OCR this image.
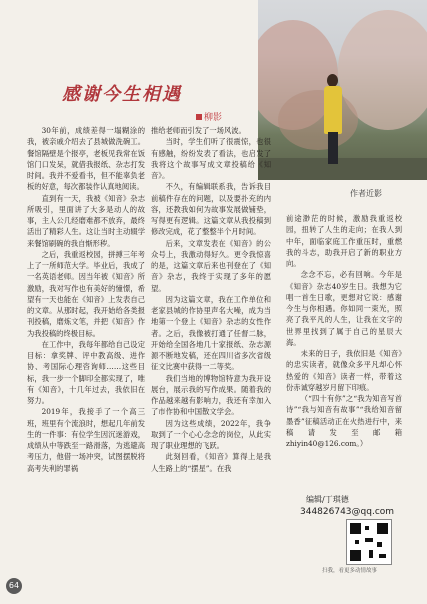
感谢今生相遇
柳影
作者近影

30年前，成绩差得一塌糊涂的我，被亲戚介绍去了县城做洗碗工。餐馆隔壁是个报亭，老板见我常在饭馆门口发呆，就借我报纸、杂志打发时间。我并不爱看书，但不能辜负老板的好意，每次都装作认真地阅读。

直到有一天，我被《知音》杂志所吸引，里面讲了大多是动人的故事，主人公几经磨难都不放弃，最终活出了精彩人生。这让当时主动辍学来餐馆刷碗的我自惭形秽。

之后，我重返校园，拼搏三年考上了一所师范大学。毕业后，我成了一名英语老师。因当年被《知音》所激励，我对写作也有美好的憧憬，希望有一天也能在《知音》上发表自己的文章。从那时起，我开始给各类报刊投稿，磨炼文笔，并把《知音》作为我投稿的终极目标。

在工作中，我每年都给自己设定目标：拿奖牌、评中教高级、进作协、考国际心理咨询师……这些目标，我一步一个脚印全都实现了，唯有《知音》，十几年过去，我依旧在努力。

2019年，我接手了一个高三班，班里有个流浪时，想起几年前发生的一件事：有位学生因沉迷游戏，成绩从中等跌至一路滑落，为逃避高考压力，他借一场冲突，试图摆脱将高考失利的罪祸

推给老师而引发了一场风波。

当时，学生们听了很震惊，也很有感触，纷纷发表了看法，也启发了我将这个故事写成文章投稿给《知音》。

不久，有编辑联系我，告诉我目前稿件存在的问题，以及要扑充的内容，还教我如何为故事发展做铺垫，写得更有逻辑。这篇文章从我投稿到修改完成，花了整整半个月时间。

后来，文章发表在《知音》的公众号上，我激动得好久。更令我惊喜的是，这篇文章后来也刊登在了《知音》杂志，我终于实现了多年的愿望。

因为这篇文章，我在工作单位和老家县城的作协里声名大噪，成为当地第一个登上《知音》杂志的女性作者。之后，我像被打通了任督二脉，开始给全国各地几十家报纸、杂志源源不断地发稿，还在四川省多次省级征文比赛中获得一二等奖。

我们当地的博物馆特意为我开设展台，展示我的写作成果。随着我的作品越来越有影响力，我还有幸加入了市作协和中国散文学会。

因为这些成绩，2022年，我争取到了一个心心念念的岗位，从此实现了职业理想的飞跃。

此刻回看，《知音》算得上是我人生路上的“摆星”。在我

前途渺茫的时候，激励我重返校园，扭转了人生的走向；在我人到中年，面临家庭工作重压时，重燃我的斗志，助我开启了新的职业方向。

念念不忘，必有回响。今年是《知音》杂志40岁生日。我想为它唱一首生日歌，更想对它说：感谢今生与你相遇。你如同一束光，照亮了我平凡的人生，让我在文字的世界里找到了属于自己的星辰大海。

未来的日子，我依旧是《知音》的忠实读者，就像众多平凡却心怀热爱的《知音》读者一样，带着这份赤诚穿越岁月留下印痕。

（“四十有你”之“我为知音写首诗”“我与知音有故事”“我给知音留墨香”征稿活动正在火热进行中，来稿请发至邮箱zhiyin40@126.com。）

编辑/丁琪德
344826743@qq.com
扫我，看更多动情故事
64
